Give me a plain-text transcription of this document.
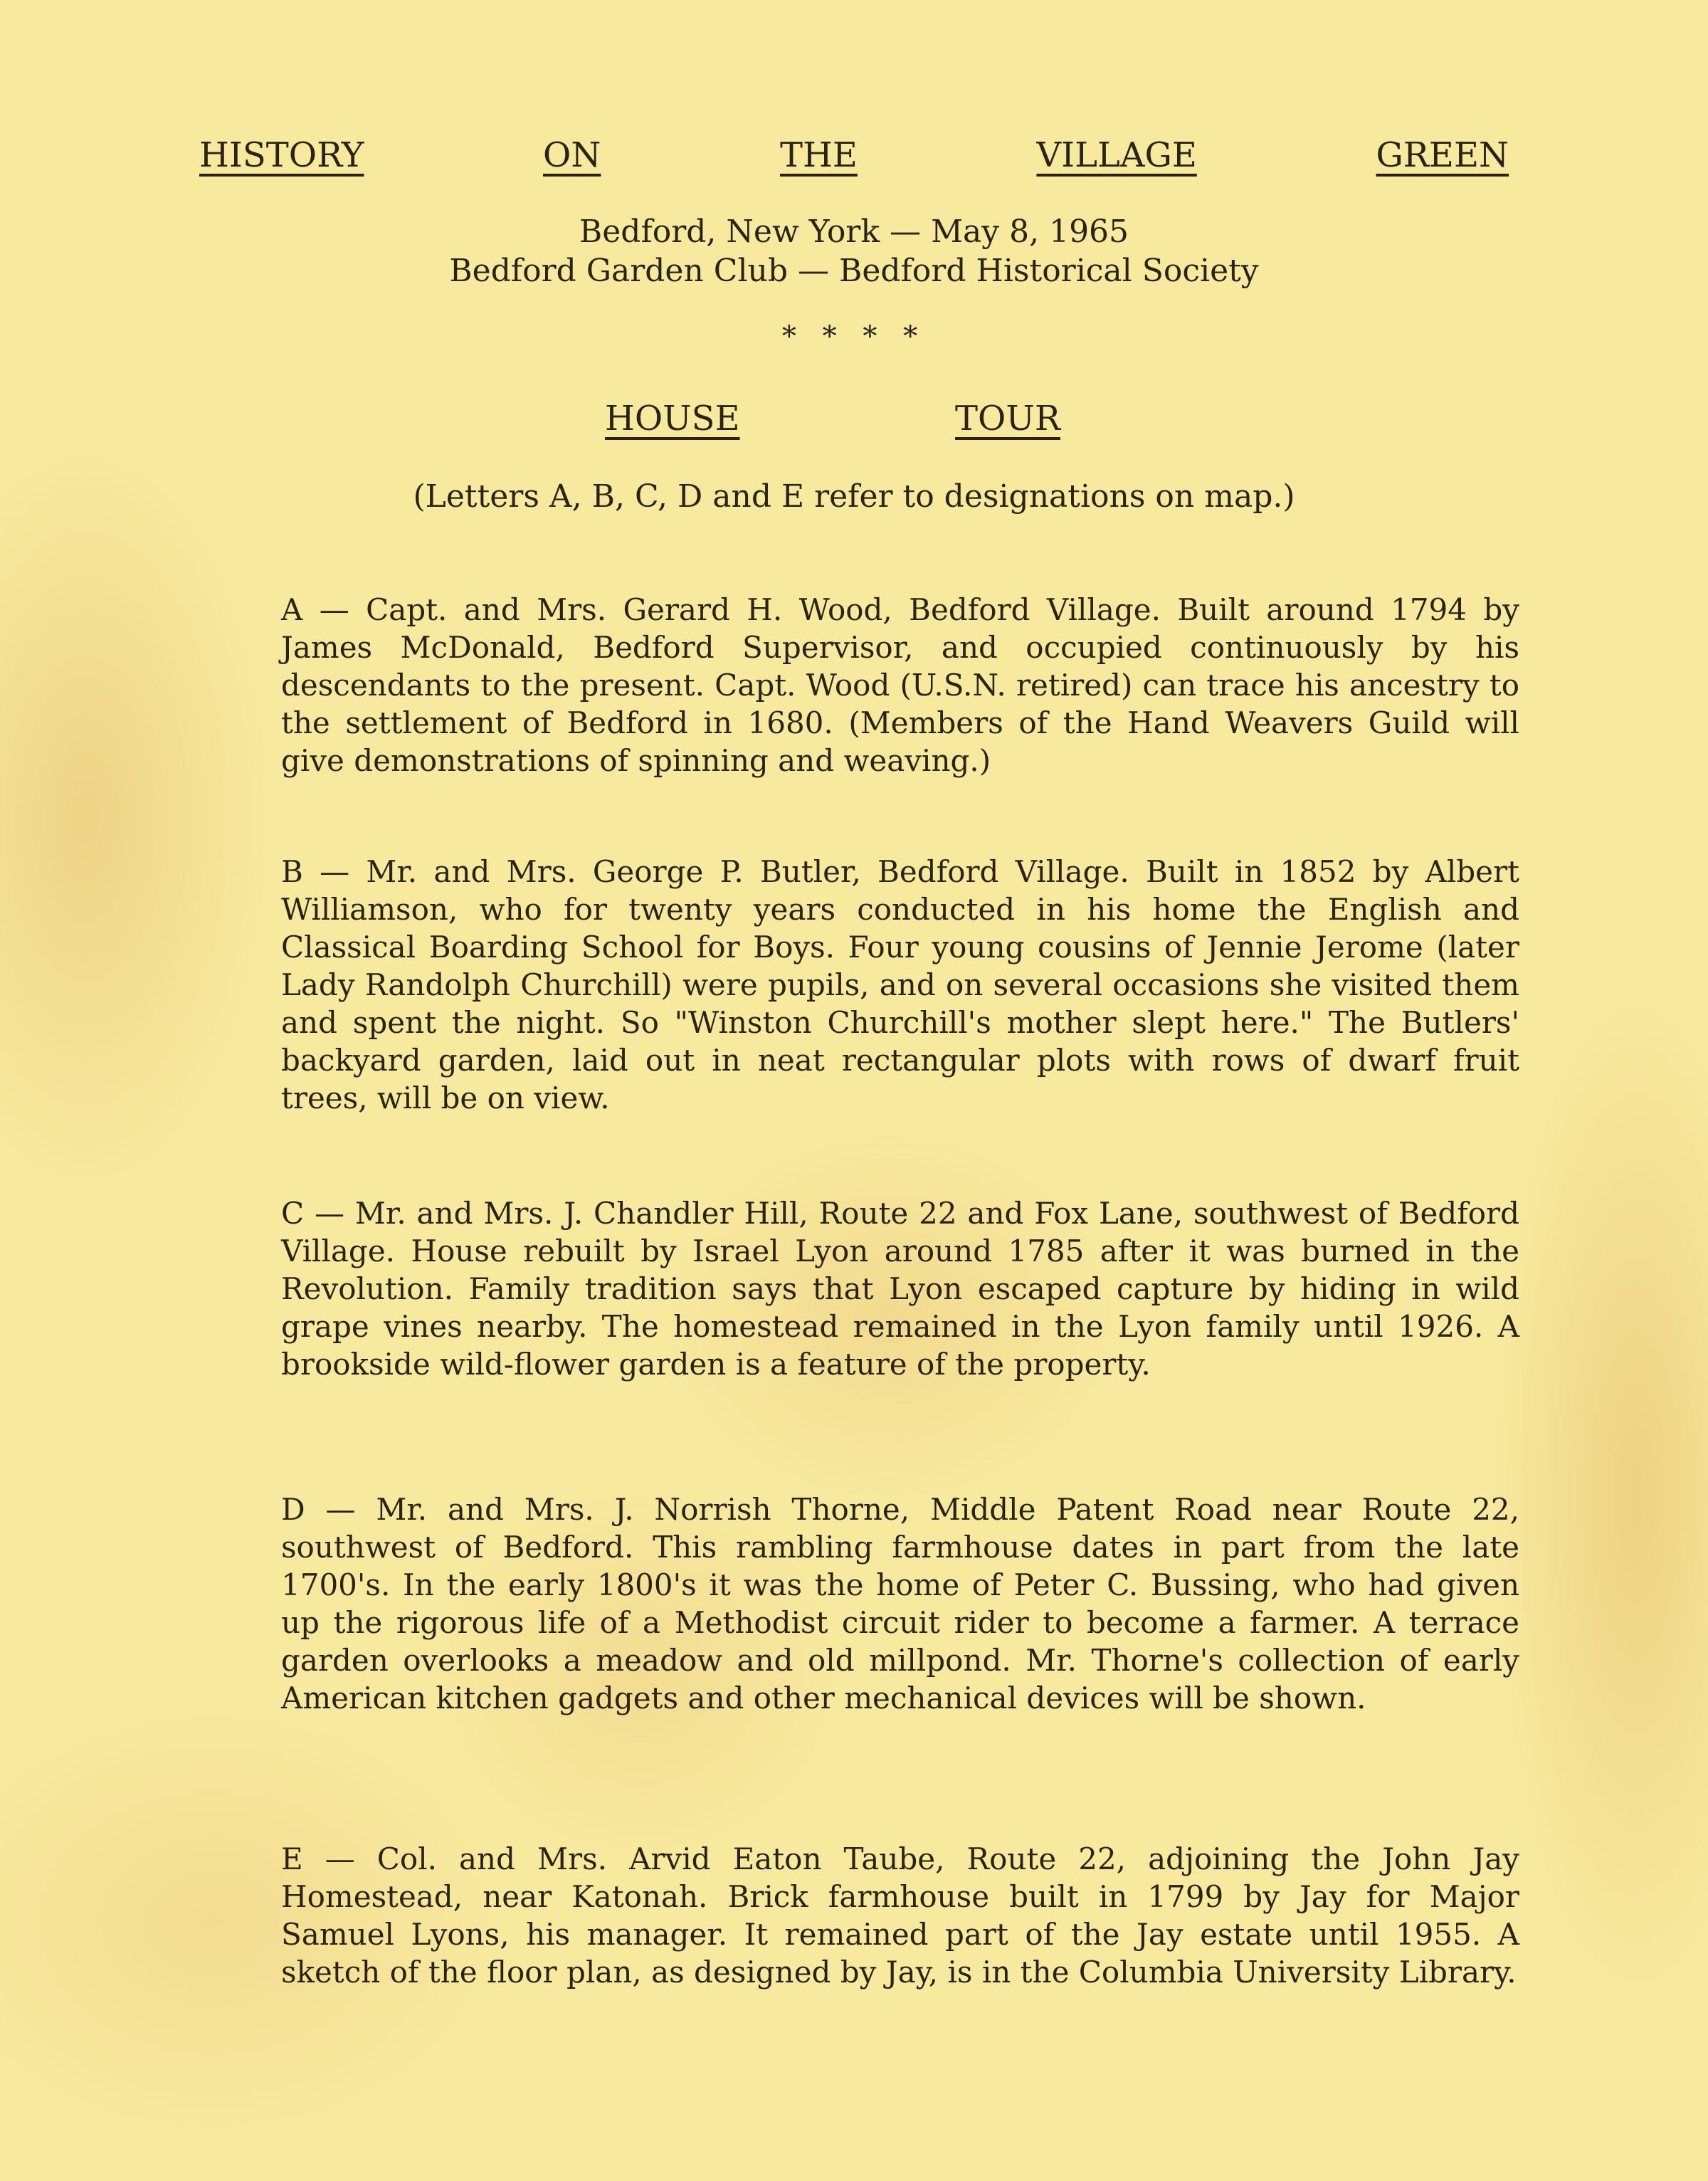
HISTORY	ON	THE	VILLAGE	GREEN
Bedford, New York — May 8, 1965
Bedford Garden Club — Bedford Historical Society
* * * *
HOUSE	TOUR
(Letters A, B, C, D and E refer to designations on map.)
A — Capt. and Mrs. Gerard H. Wood, Bedford Village. Built around 1794 by James McDonald, Bedford Supervisor, and occupied continuously by his descendants to the present. Capt. Wood (U.S.N. retired) can trace his ancestry to the settlement of Bedford in 1680. (Members of the Hand Weavers Guild will give demonstrations of spinning and weaving.)
B — Mr. and Mrs. George P. Butler, Bedford Village. Built in 1852 by Albert Williamson, who for twenty years conducted in his home the English and Classical Boarding School for Boys. Four young cousins of Jennie Jerome (later Lady Randolph Churchill) were pupils, and on several occasions she visited them and spent the night. So "Winston Churchill's mother slept here." The Butlers' backyard garden, laid out in neat rectangular plots with rows of dwarf fruit trees, will be on view.
C — Mr. and Mrs. J. Chandler Hill, Route 22 and Fox Lane, southwest of Bedford Village. House rebuilt by Israel Lyon around 1785 after it was burned in the Revolution. Family tradition says that Lyon escaped capture by hiding in wild grape vines nearby. The homestead remained in the Lyon family until 1926. A brookside wild-flower garden is a feature of the property.
D — Mr. and Mrs. J. Norrish Thorne, Middle Patent Road near Route 22, southwest of Bedford. This rambling farmhouse dates in part from the late 1700's. In the early 1800's it was the home of Peter C. Bussing, who had given up the rigorous life of a Methodist circuit rider to become a farmer. A terrace garden overlooks a meadow and old millpond. Mr. Thorne's collection of early American kitchen gadgets and other mechanical devices will be shown.
E — Col. and Mrs. Arvid Eaton Taube, Route 22, adjoining the John Jay Homestead, near Katonah. Brick farmhouse built in 1799 by Jay for Major Samuel Lyons, his manager. It remained part of the Jay estate until 1955. A sketch of the floor plan, as designed by Jay, is in the Columbia University Library.
